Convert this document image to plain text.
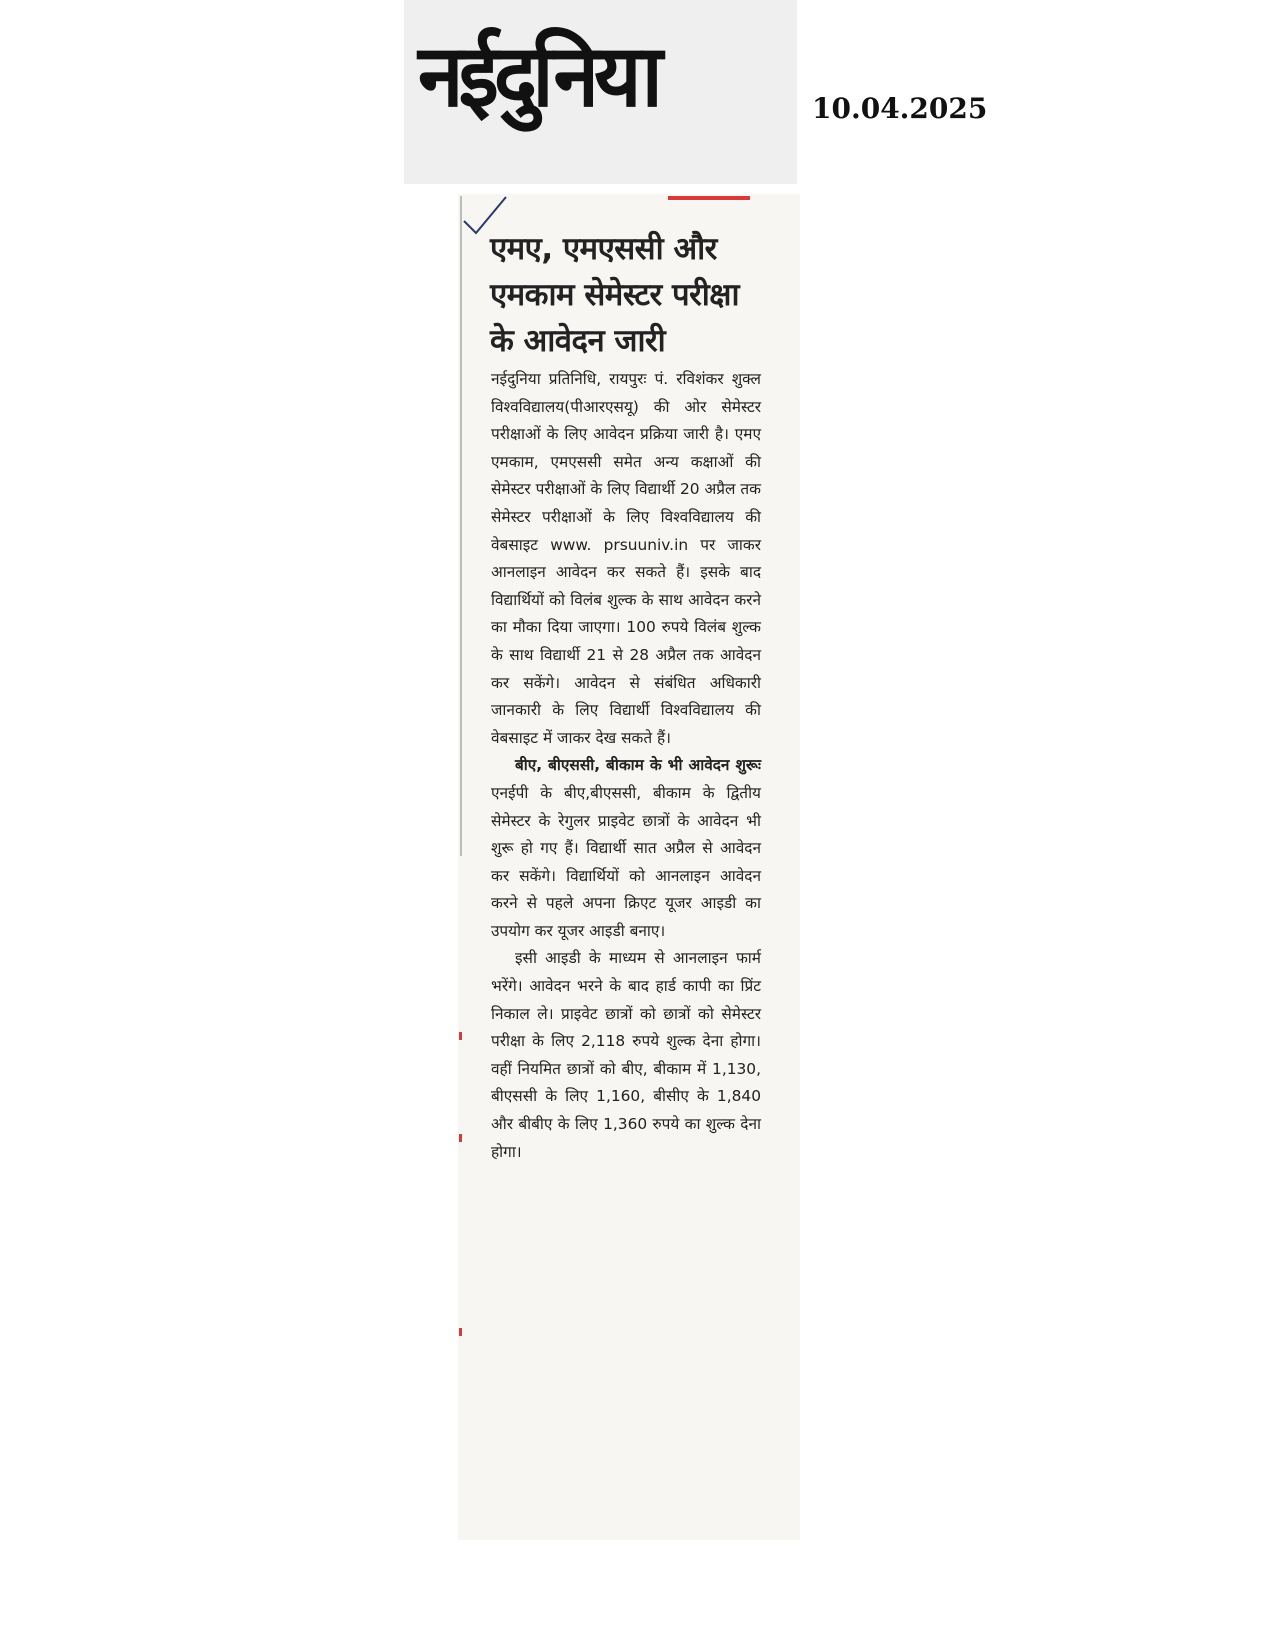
नईदुनिया	10.04.2025
एमए, एमएससी और एमकाम सेमेस्टर परीक्षा के आवेदन जारी

नईदुनिया प्रतिनिधि, रायपुरः पं. रविशंकर शुक्ल विश्वविद्यालय(पीआरएसयू) की ओर सेमेस्टर परीक्षाओं के लिए आवेदन प्रक्रिया जारी है। एमए एमकाम, एमएससी समेत अन्य कक्षाओं की सेमेस्टर परीक्षाओं के लिए विद्यार्थी 20 अप्रैल तक सेमेस्टर परीक्षाओं के लिए विश्वविद्यालय की वेबसाइट www. prsuuniv.in पर जाकर आनलाइन आवेदन कर सकते हैं। इसके बाद विद्यार्थियों को विलंब शुल्क के साथ आवेदन करने का मौका दिया जाएगा। 100 रुपये विलंब शुल्क के साथ विद्यार्थी 21 से 28 अप्रैल तक आवेदन कर सकेंगे। आवेदन से संबंधित अधिकारी जानकारी के लिए विद्यार्थी विश्वविद्यालय की वेबसाइट में जाकर देख सकते हैं।

बीए, बीएससी, बीकाम के भी आवेदन शुरूः एनईपी के बीए,बीएससी, बीकाम के द्वितीय सेमेस्टर के रेगुलर प्राइवेट छात्रों के आवेदन भी शुरू हो गए हैं। विद्यार्थी सात अप्रैल से आवेदन कर सकेंगे। विद्यार्थियों को आनलाइन आवेदन करने से पहले अपना क्रिएट यूजर आइडी का उपयोग कर यूजर आइडी बनाए।

इसी आइडी के माध्यम से आनलाइन फार्म भरेंगे। आवेदन भरने के बाद हार्ड कापी का प्रिंट निकाल ले। प्राइवेट छात्रों को छात्रों को सेमेस्टर परीक्षा के लिए 2,118 रुपये शुल्क देना होगा। वहीं नियमित छात्रों को बीए, बीकाम में 1,130, बीएससी के लिए 1,160, बीसीए के 1,840 और बीबीए के लिए 1,360 रुपये का शुल्क देना होगा।
